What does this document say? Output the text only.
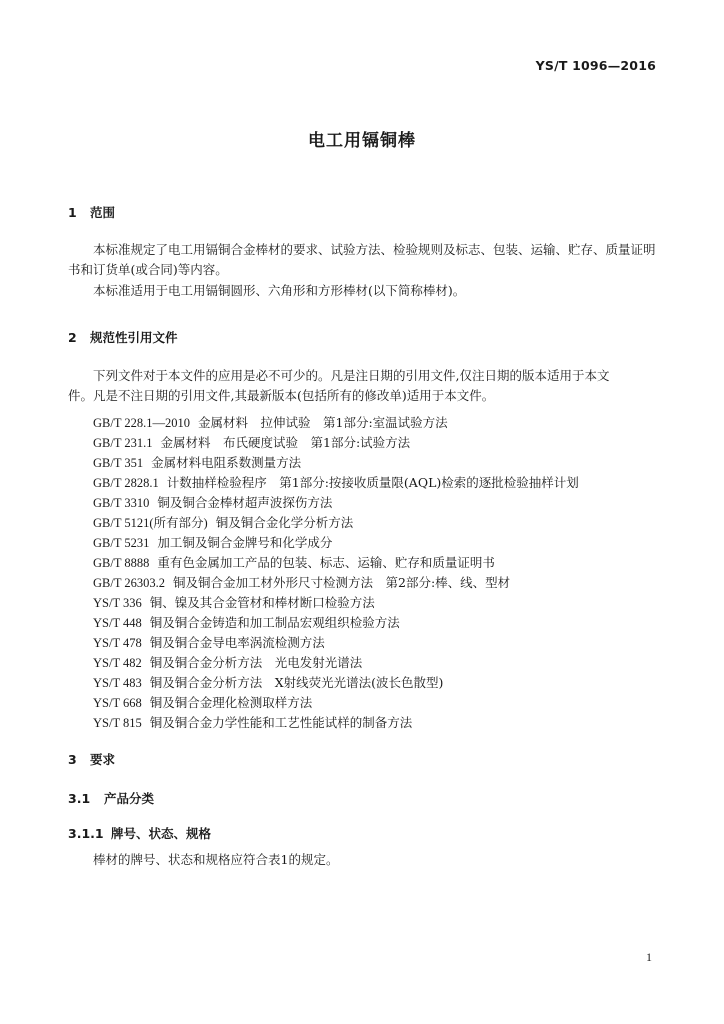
YS/T 1096—2016
电工用镉铜棒
1 范围
本标准规定了电工用镉铜合金棒材的要求、试验方法、检验规则及标志、包装、运输、贮存、质量证明
书和订货单(或合同)等内容。
本标准适用于电工用镉铜圆形、六角形和方形棒材(以下简称棒材)。
2 规范性引用文件
下列文件对于本文件的应用是必不可少的。凡是注日期的引用文件,仅注日期的版本适用于本文
件。凡是不注日期的引用文件,其最新版本(包括所有的修改单)适用于本文件。
GB/T 228.1—2010 金属材料　拉伸试验　第1部分:室温试验方法
GB/T 231.1 金属材料　布氏硬度试验　第1部分:试验方法
GB/T 351 金属材料电阻系数测量方法
GB/T 2828.1 计数抽样检验程序　第1部分:按接收质量限(AQL)检索的逐批检验抽样计划
GB/T 3310 铜及铜合金棒材超声波探伤方法
GB/T 5121(所有部分) 铜及铜合金化学分析方法
GB/T 5231 加工铜及铜合金牌号和化学成分
GB/T 8888 重有色金属加工产品的包装、标志、运输、贮存和质量证明书
GB/T 26303.2 铜及铜合金加工材外形尺寸检测方法　第2部分:棒、线、型材
YS/T 336 铜、镍及其合金管材和棒材断口检验方法
YS/T 448 铜及铜合金铸造和加工制品宏观组织检验方法
YS/T 478 铜及铜合金导电率涡流检测方法
YS/T 482 铜及铜合金分析方法　光电发射光谱法
YS/T 483 铜及铜合金分析方法　X射线荧光光谱法(波长色散型)
YS/T 668 铜及铜合金理化检测取样方法
YS/T 815 铜及铜合金力学性能和工艺性能试样的制备方法
3 要求
3.1 产品分类
3.1.1 牌号、状态、规格
棒材的牌号、状态和规格应符合表1的规定。
1
